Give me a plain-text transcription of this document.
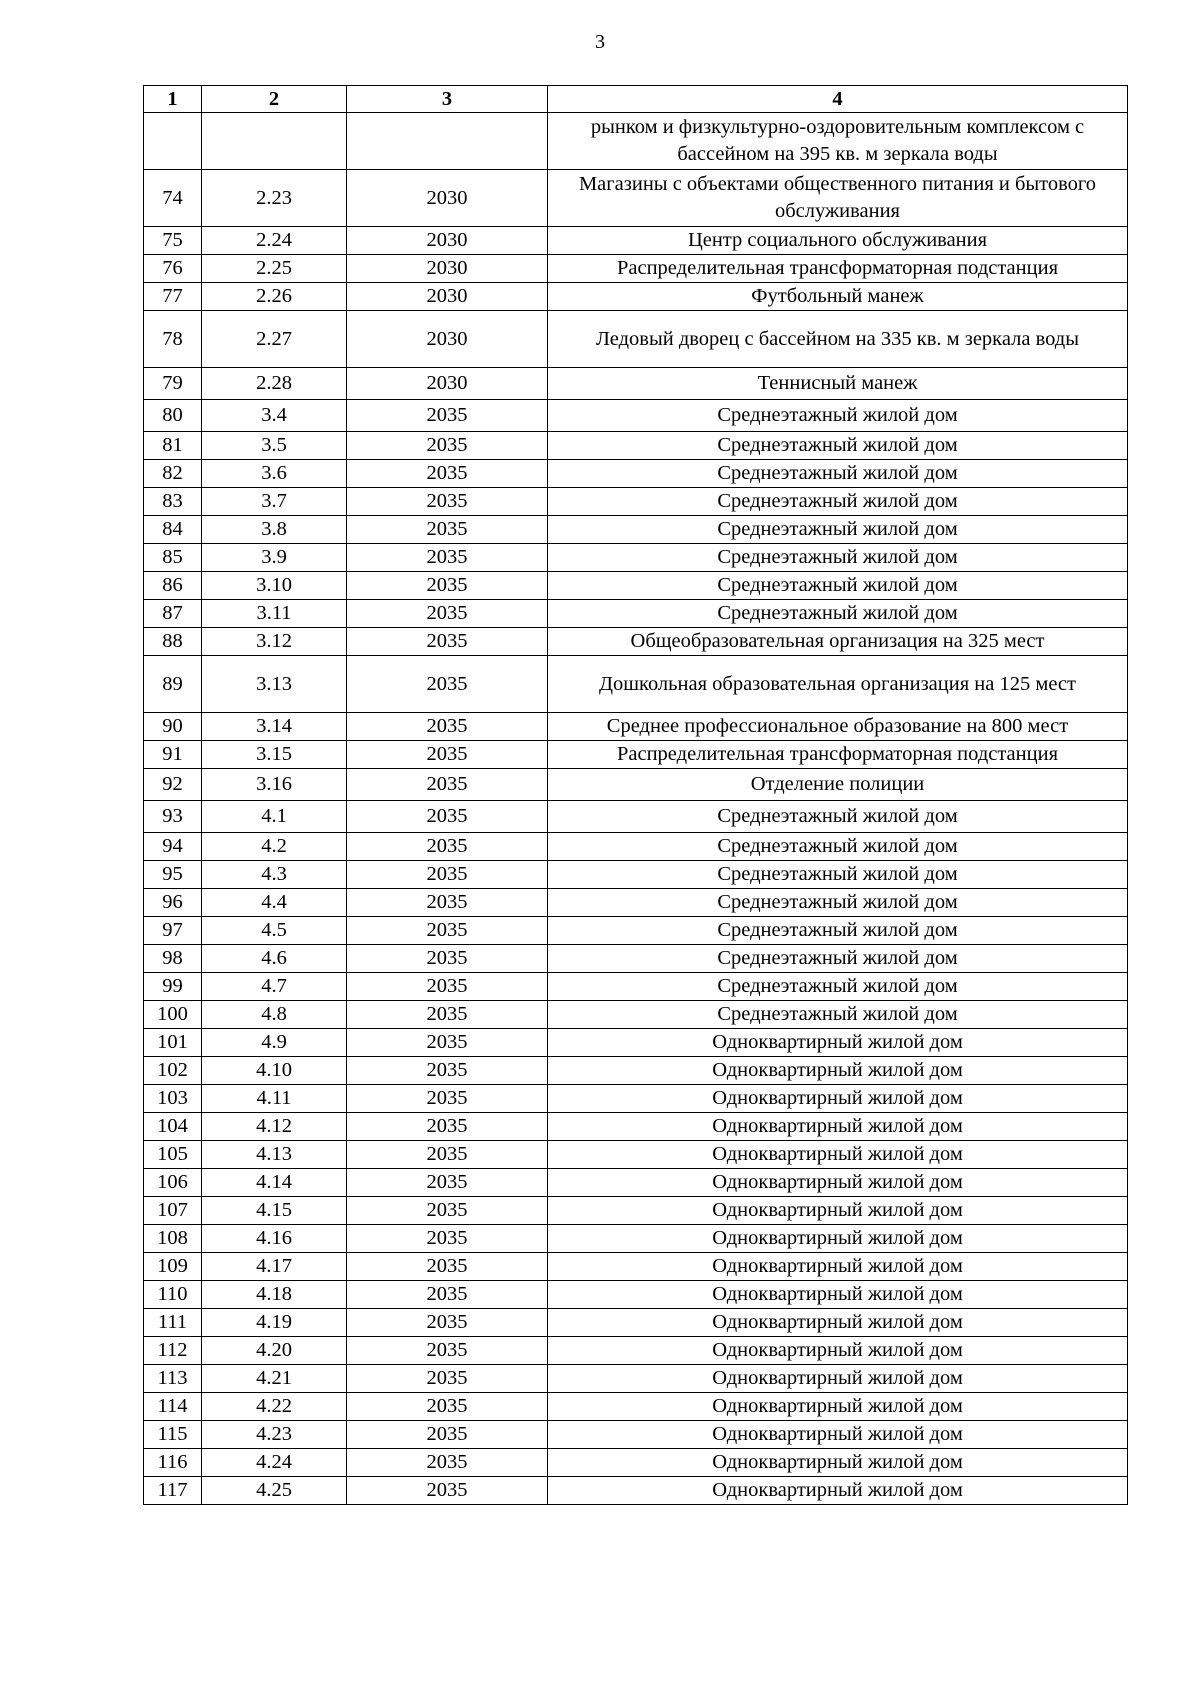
3
1	2	3	4
			рынком и физкультурно-оздоровительным комплексом с бассейном на 395 кв. м зеркала воды
74	2.23	2030	Магазины с объектами общественного питания и бытового обслуживания
75	2.24	2030	Центр социального обслуживания
76	2.25	2030	Распределительная трансформаторная подстанция
77	2.26	2030	Футбольный манеж
78	2.27	2030	Ледовый дворец с бассейном на 335 кв. м зеркала воды
79	2.28	2030	Теннисный манеж
80	3.4	2035	Среднеэтажный жилой дом
81	3.5	2035	Среднеэтажный жилой дом
82	3.6	2035	Среднеэтажный жилой дом
83	3.7	2035	Среднеэтажный жилой дом
84	3.8	2035	Среднеэтажный жилой дом
85	3.9	2035	Среднеэтажный жилой дом
86	3.10	2035	Среднеэтажный жилой дом
87	3.11	2035	Среднеэтажный жилой дом
88	3.12	2035	Общеобразовательная организация на 325 мест
89	3.13	2035	Дошкольная образовательная организация на 125 мест
90	3.14	2035	Среднее профессиональное образование на 800 мест
91	3.15	2035	Распределительная трансформаторная подстанция
92	3.16	2035	Отделение полиции
93	4.1	2035	Среднеэтажный жилой дом
94	4.2	2035	Среднеэтажный жилой дом
95	4.3	2035	Среднеэтажный жилой дом
96	4.4	2035	Среднеэтажный жилой дом
97	4.5	2035	Среднеэтажный жилой дом
98	4.6	2035	Среднеэтажный жилой дом
99	4.7	2035	Среднеэтажный жилой дом
100	4.8	2035	Среднеэтажный жилой дом
101	4.9	2035	Одноквартирный жилой дом
102	4.10	2035	Одноквартирный жилой дом
103	4.11	2035	Одноквартирный жилой дом
104	4.12	2035	Одноквартирный жилой дом
105	4.13	2035	Одноквартирный жилой дом
106	4.14	2035	Одноквартирный жилой дом
107	4.15	2035	Одноквартирный жилой дом
108	4.16	2035	Одноквартирный жилой дом
109	4.17	2035	Одноквартирный жилой дом
110	4.18	2035	Одноквартирный жилой дом
111	4.19	2035	Одноквартирный жилой дом
112	4.20	2035	Одноквартирный жилой дом
113	4.21	2035	Одноквартирный жилой дом
114	4.22	2035	Одноквартирный жилой дом
115	4.23	2035	Одноквартирный жилой дом
116	4.24	2035	Одноквартирный жилой дом
117	4.25	2035	Одноквартирный жилой дом
